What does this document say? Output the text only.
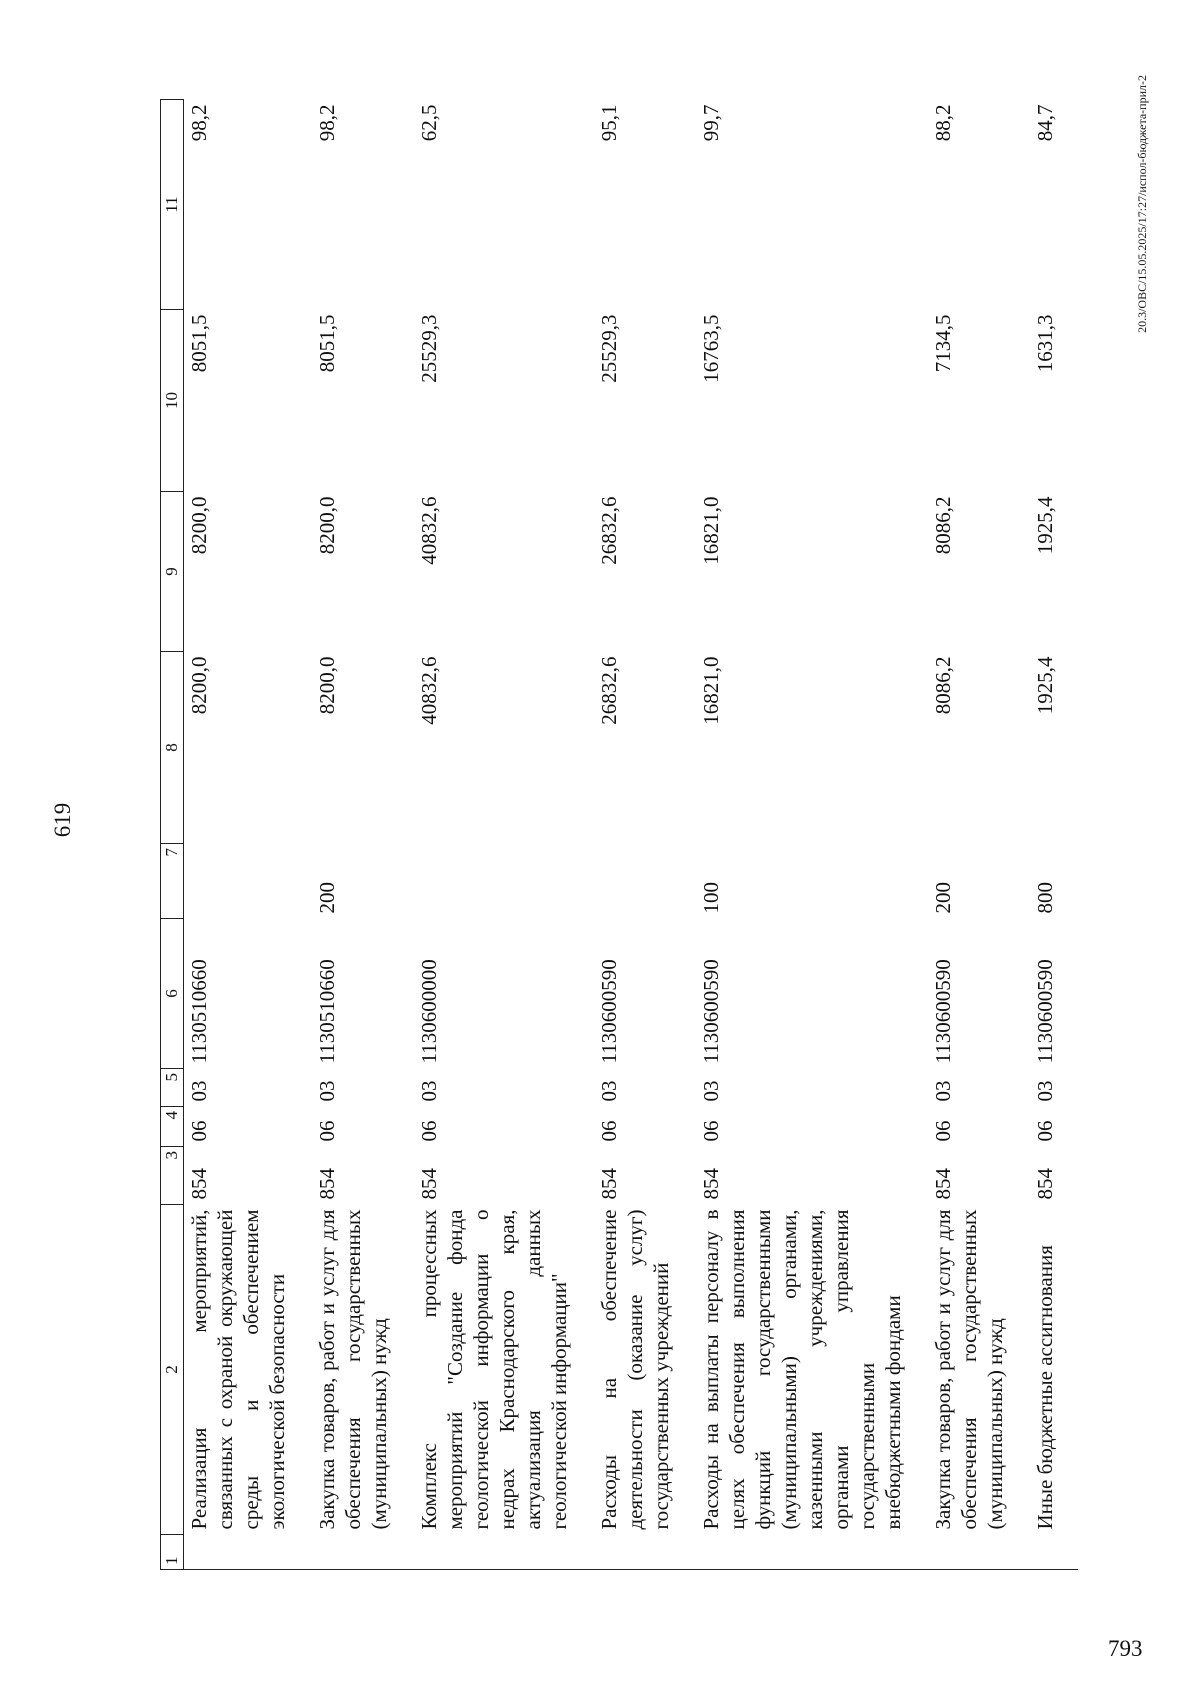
793
619
1	2	3	4	5	6	7	8	9	10	11
	Реализация мероприятий, связанных с охраной окружающей среды и обеспечением экологической безопасности	854	06	03	1130510660		8200,0	8200,0	8051,5	98,2
	Закупка товаров, работ и услуг для обеспечения государственных (муниципальных) нужд	854	06	03	1130510660	200	8200,0	8200,0	8051,5	98,2
	Комплекс процессных мероприятий "Создание фонда геологической информации о недрах Краснодарского края, актуализация данных геологической информации"	854	06	03	1130600000		40832,6	40832,6	25529,3	62,5
	Расходы на обеспечение деятельности (оказание услуг) государственных учреждений	854	06	03	1130600590		26832,6	26832,6	25529,3	95,1
	Расходы на выплаты персоналу в целях обеспечения выполнения функций государственными (муниципальными) органами, казенными учреждениями, органами управления государственными внебюджетными фондами	854	06	03	1130600590	100	16821,0	16821,0	16763,5	99,7
	Закупка товаров, работ и услуг для обеспечения государственных (муниципальных) нужд	854	06	03	1130600590	200	8086,2	8086,2	7134,5	88,2
	Иные бюджетные ассигнования	854	06	03	1130600590	800	1925,4	1925,4	1631,3	84,7	20.3/ОВС/15.05.2025/17:27/испол-бюджета-прил-2
